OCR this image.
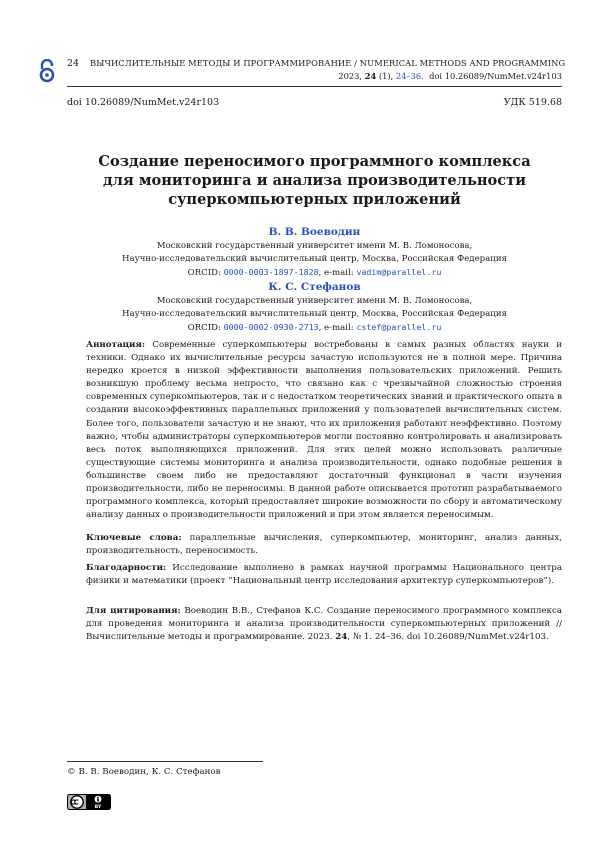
24 ВЫЧИСЛИТЕЛЬНЫЕ МЕТОДЫ И ПРОГРАММИРОВАНИЕ / NUMERICAL METHODS AND PROGRAMMING
2023, 24 (1), 24–36. doi 10.26089/NumMet.v24r103
doi 10.26089/NumMet.v24r103	УДК 519.68
Создание переносимого программного комплекса
для мониторинга и анализа производительности
суперкомпьютерных приложений
В. В. Воеводин
Московский государственный университет имени М. В. Ломоносова,
Научно-исследовательский вычислительный центр, Москва, Российская Федерация
ORCID: 0000-0003-1897-1828, e-mail: vadim@parallel.ru
К. С. Стефанов
Московский государственный университет имени М. В. Ломоносова,
Научно-исследовательский вычислительный центр, Москва, Российская Федерация
ORCID: 0000-0002-0930-2713, e-mail: cstef@parallel.ru
Аннотация: Современные суперкомпьютеры востребованы в самых разных областях науки и техники. Однако их вычислительные ресурсы зачастую используются не в полной мере. Причина нередко кроется в низкой эффективности выполнения пользовательских приложений. Решить возникшую проблему весьма непросто, что связано как с чрезвычайной сложностью строения современных суперкомпьютеров, так и с недостатком теоретических знаний и практического опыта в создании высокоэффективных параллельных приложений у пользователей вычислительных систем. Более того, пользователи зачастую и не знают, что их приложения работают неэффективно. Поэтому важно, чтобы администраторы суперкомпьютеров могли постоянно контролировать и анализировать весь поток выполняющихся приложений. Для этих целей можно использовать различные существующие системы мониторинга и анализа производительности, однако подобные решения в большинстве своем либо не предоставляют достаточный функционал в части изучения производительности, либо не переносимы. В данной работе описывается прототип разрабатываемого программного комплекса, который предоставляет широкие возможности по сбору и автоматическому анализу данных о производительности приложений и при этом является переносимым.
Ключевые слова: параллельные вычисления, суперкомпьютер, мониторинг, анализ данных, производительность, переносимость.
Благодарности: Исследование выполнено в рамках научной программы Национального центра физики и математики (проект “Национальный центр исследования архитектур суперкомпьютеров”).
Для цитирования: Воеводин В.В., Стефанов К.С. Создание переносимого программного комплекса для проведения мониторинга и анализа производительности суперкомпьютерных приложений // Вычислительные методы и программирование. 2023. 24, № 1. 24–36. doi 10.26089/NumMet.v24r103.
© В. В. Воеводин, К. С. Стефанов
BY
